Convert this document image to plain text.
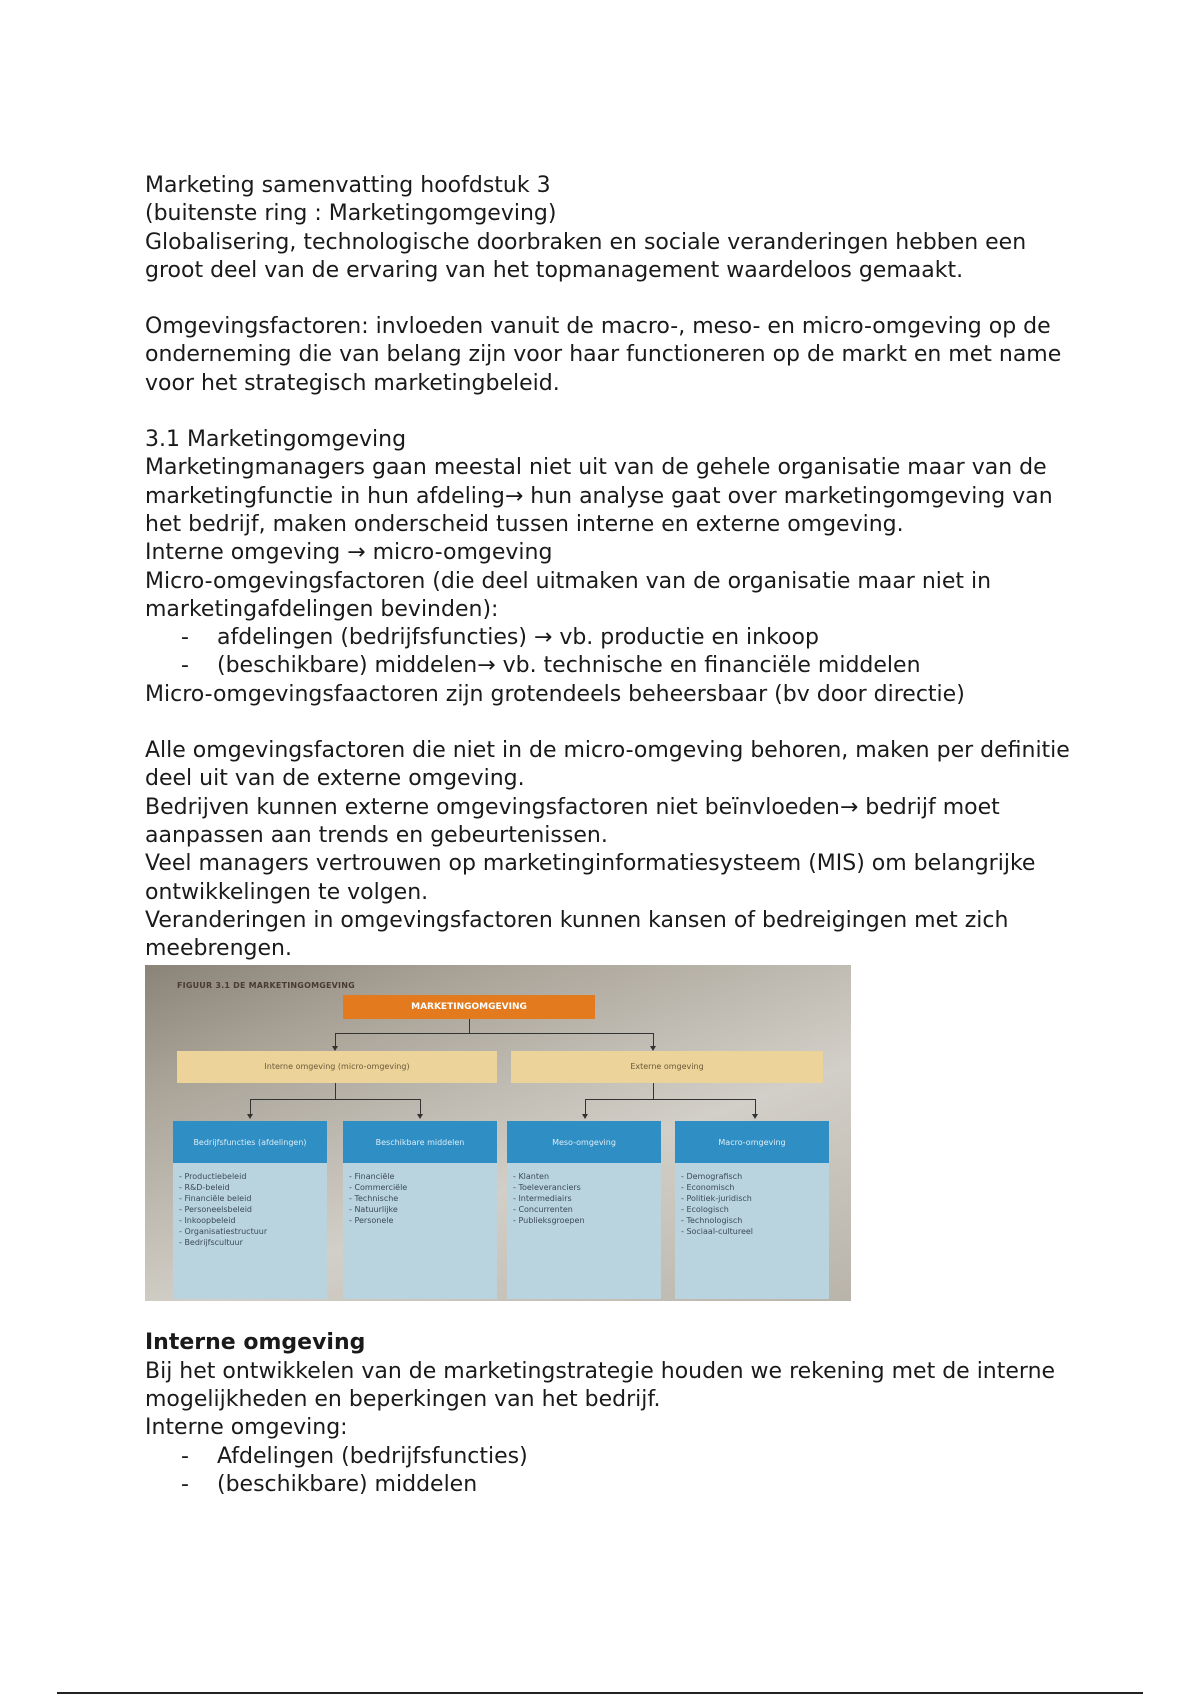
Marketing samenvatting hoofdstuk 3

(buitenste ring : Marketingomgeving)

Globalisering, technologische doorbraken en sociale veranderingen hebben een groot deel van de ervaring van het topmanagement waardeloos gemaakt.

Omgevingsfactoren: invloeden vanuit de macro-, meso- en micro-omgeving op de onderneming die van belang zijn voor haar functioneren op de markt en met name voor het strategisch marketingbeleid.

3.1 Marketingomgeving

Marketingmanagers gaan meestal niet uit van de gehele organisatie maar van de marketingfunctie in hun afdeling→ hun analyse gaat over marketingomgeving van het bedrijf, maken onderscheid tussen interne en externe omgeving.

Interne omgeving → micro-omgeving

Micro-omgevingsfactoren (die deel uitmaken van de organisatie maar niet in marketingafdelingen bevinden):

-	afdelingen (bedrijfsfuncties) → vb. productie en inkoop
-	(beschikbare) middelen→ vb. technische en financiële middelen

Micro-omgevingsfaactoren zijn grotendeels beheersbaar (bv door directie)

Alle omgevingsfactoren die niet in de micro-omgeving behoren, maken per definitie deel uit van de externe omgeving.

Bedrijven kunnen externe omgevingsfactoren niet beïnvloeden→ bedrijf moet aanpassen aan trends en gebeurtenissen.

Veel managers vertrouwen op marketinginformatiesysteem (MIS) om belangrijke ontwikkelingen te volgen.

Veranderingen in omgevingsfactoren kunnen kansen of bedreigingen met zich meebrengen.

FIGUUR 3.1 DE MARKETINGOMGEVING
MARKETINGOMGEVING
Interne omgeving (micro-omgeving)	Externe omgeving
Bedrijfsfuncties (afdelingen)
- Productiebeleid
- R&D-beleid
- Financiële beleid
- Personeelsbeleid
- Inkoopbeleid
- Organisatiestructuur
- Bedrijfscultuur
Beschikbare middelen
- Financiële
- Commerciële
- Technische
- Natuurlijke
- Personele
Meso-omgeving
- Klanten
- Toeleveranciers
- Intermediairs
- Concurrenten
- Publieksgroepen
Macro-omgeving
- Demografisch
- Economisch
- Politiek-juridisch
- Ecologisch
- Technologisch
- Sociaal-cultureel

Interne omgeving

Bij het ontwikkelen van de marketingstrategie houden we rekening met de interne mogelijkheden en beperkingen van het bedrijf.

Interne omgeving:

-	Afdelingen (bedrijfsfuncties)
-	(beschikbare) middelen
